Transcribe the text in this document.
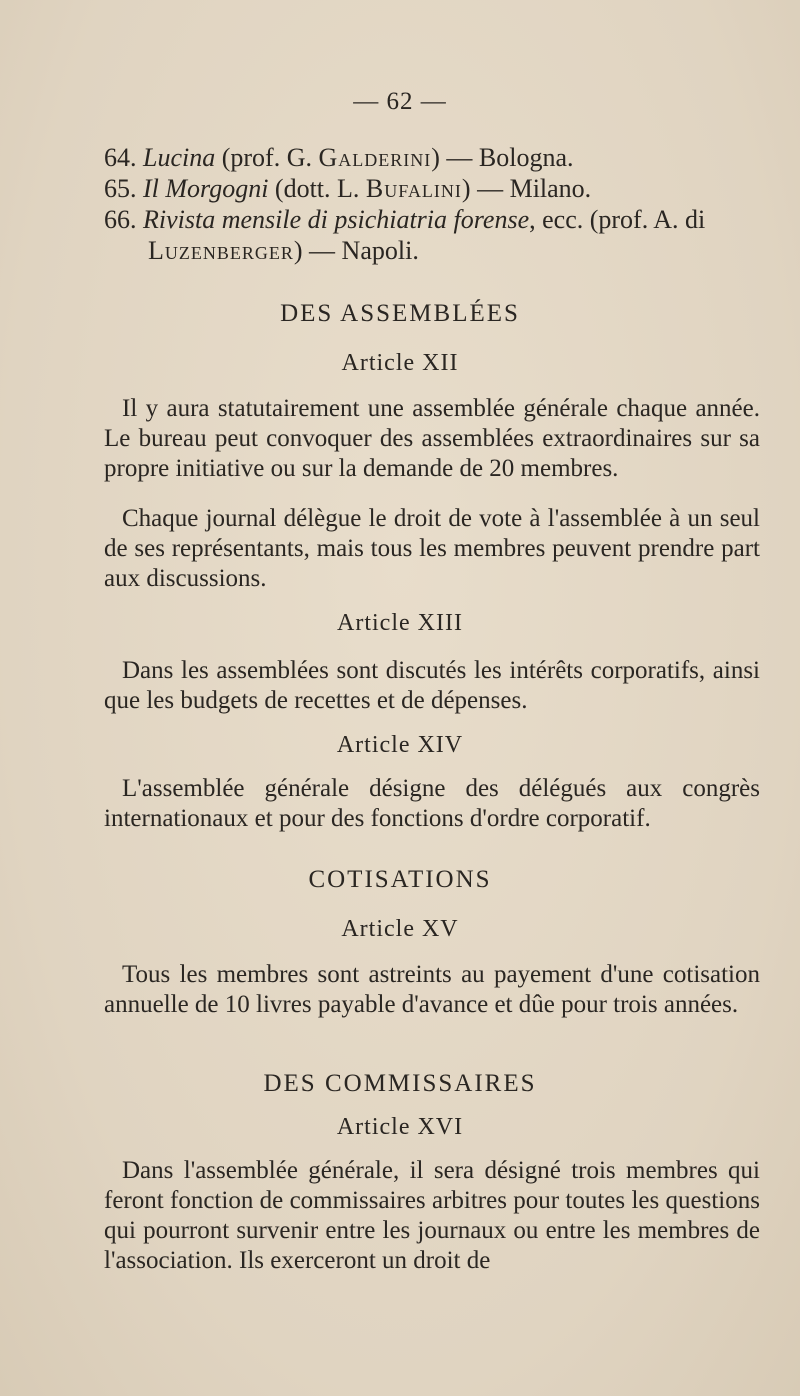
— 62 —
64. Lucina (prof. G. Galderini) — Bologna.
65. Il Morgogni (dott. L. Bufalini) — Milano.
66. Rivista mensile di psichiatria forense, ecc. (prof. A. di
Luzenberger) — Napoli.
DES ASSEMBLÉES
Article XII

Il y aura statutairement une assemblée générale chaque année. Le bureau peut convoquer des assemblées extraordinaires sur sa propre initiative ou sur la demande de 20 membres.

Chaque journal délègue le droit de vote à l'assemblée à un seul de ses représentants, mais tous les membres peuvent prendre part aux discussions.

Article XIII

Dans les assemblées sont discutés les intérêts corporatifs, ainsi que les budgets de recettes et de dépenses.

Article XIV

L'assemblée générale désigne des délégués aux congrès internationaux et pour des fonctions d'ordre corporatif.

COTISATIONS
Article XV

Tous les membres sont astreints au payement d'une cotisation annuelle de 10 livres payable d'avance et dûe pour trois années.

DES COMMISSAIRES
Article XVI

Dans l'assemblée générale, il sera désigné trois membres qui feront fonction de commissaires arbitres pour toutes les questions qui pourront survenir entre les journaux ou entre les membres de l'association. Ils exerceront un droit de
